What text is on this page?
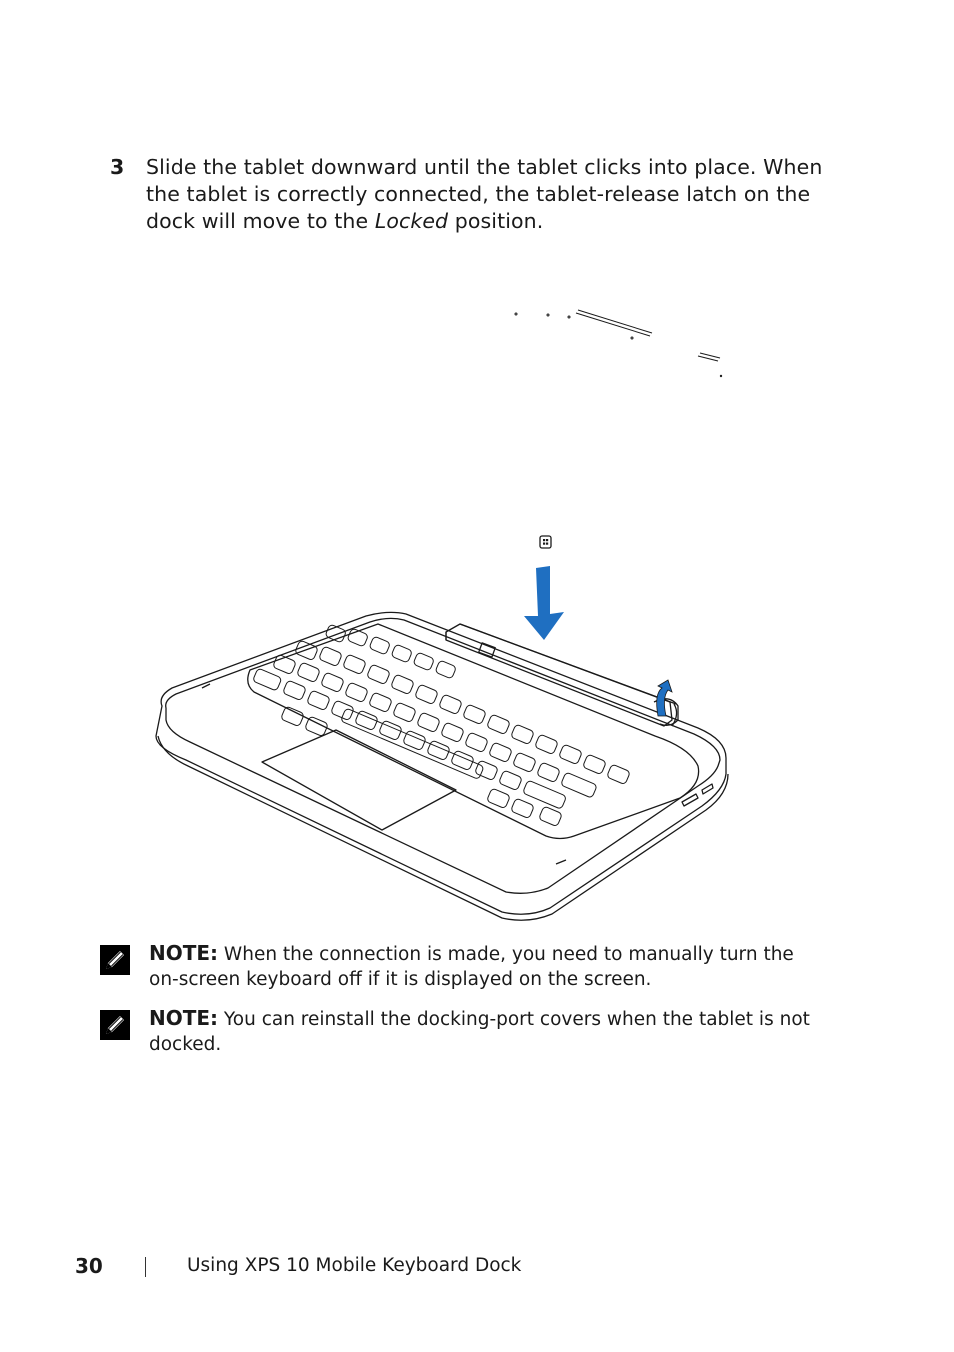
3 Slide the tablet downward until the tablet clicks into place. When the tablet is correctly connected, the tablet-release latch on the dock will move to the Locked position.
NOTE: When the connection is made, you need to manually turn the on-screen keyboard off if it is displayed on the screen.
NOTE: You can reinstall the docking-port covers when the tablet is not docked.
30	Using XPS 10 Mobile Keyboard Dock
